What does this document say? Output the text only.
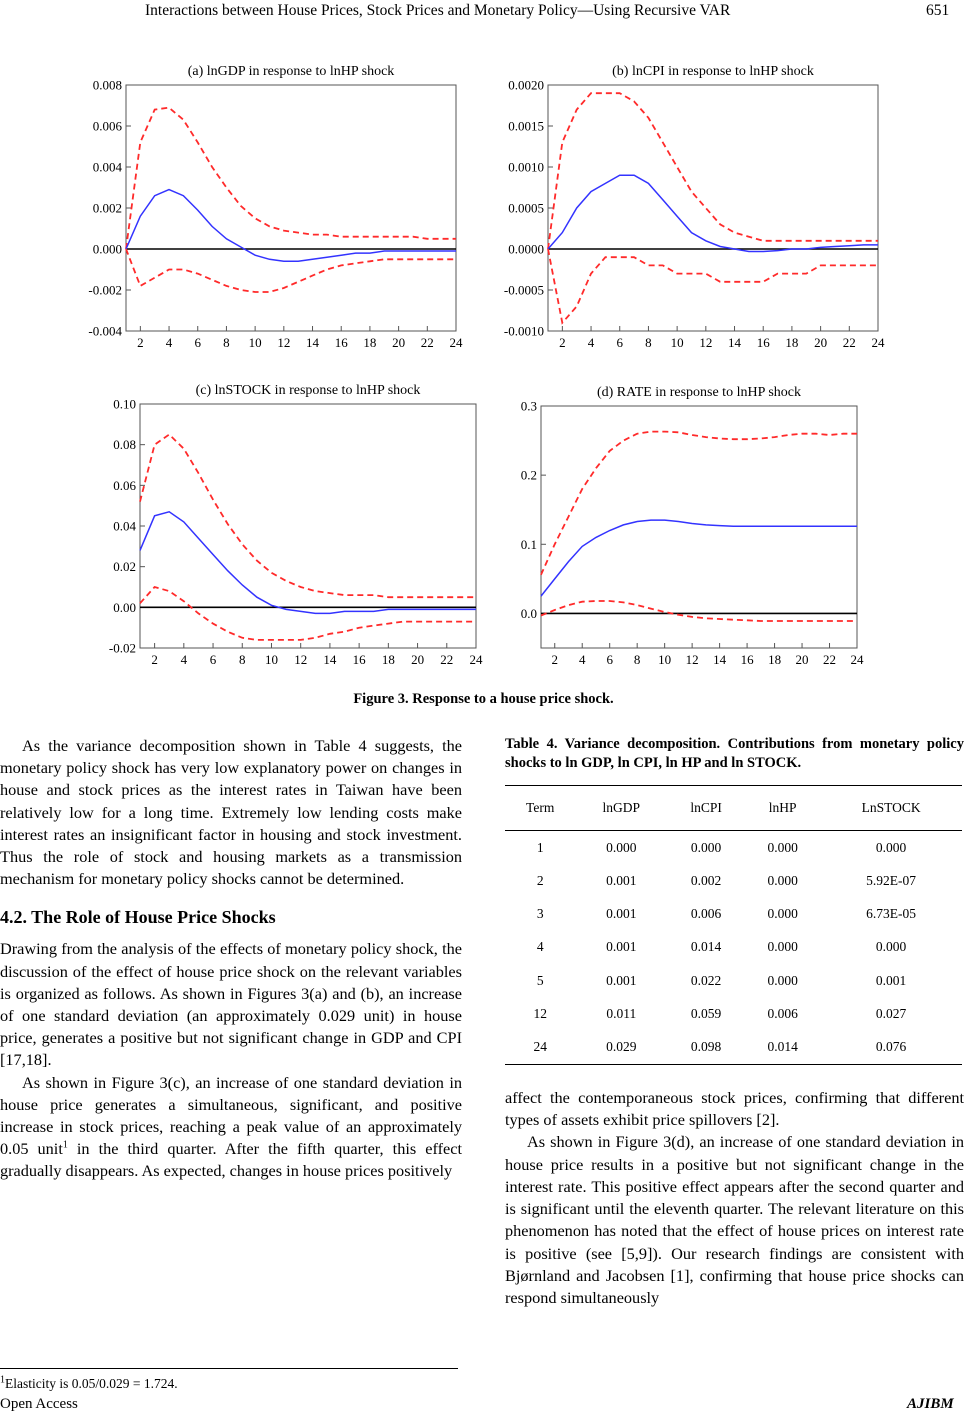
Interactions between House Prices, Stock Prices and Monetary Policy—Using Recursive VAR	651
(a) lnGDP in response to lnHP shock
0.008
0.006
0.004
0.002
0.000
-0.002
-0.004
2 4 6 8 10 12 14 16 18 20 22 24
(b) lnCPI in response to lnHP shock
0.0020
0.0015
0.0010
0.0005
0.0000
-0.0005
-0.0010
2 4 6 8 10 12 14 16 18 20 22 24
(c) lnSTOCK in response to lnHP shock
0.10
0.08
0.06
0.04
0.02
0.00
-0.02
2 4 6 8 10 12 14 16 18 20 22 24
(d) RATE in response to lnHP shock
0.3
0.2
0.1
0.0
2 4 6 8 10 12 14 16 18 20 22 24
Figure 3. Response to a house price shock.

As the variance decomposition shown in Table 4 suggests, the monetary policy shock has very low explanatory power on changes in house and stock prices as the interest rates in Taiwan have been relatively low for a long time. Extremely low lending costs make interest rates an insignificant factor in housing and stock investment. Thus the role of stock and housing markets as a transmission mechanism for monetary policy shocks cannot be determined.

4.2. The Role of House Price Shocks

Drawing from the analysis of the effects of monetary policy shock, the discussion of the effect of house price shock on the relevant variables is organized as follows. As shown in Figures 3(a) and (b), an increase of one standard deviation (an approximately 0.029 unit) in house price, generates a positive but not significant change in GDP and CPI [17,18].

As shown in Figure 3(c), an increase of one standard deviation in house price generates a simultaneous, significant, and positive increase in stock prices, reaching a peak value of an approximately 0.05 unit$^1$ in the third quarter. After the fifth quarter, this effect gradually disappears. As expected, changes in house prices positively

$^1$Elasticity is 0.05/0.029 = 1.724.
Table 4. Variance decomposition. Contributions from monetary policy shocks to ln GDP, ln CPI, ln HP and ln STOCK.
Term	lnGDP	lnCPI	lnHP	LnSTOCK
1	0.000	0.000	0.000	0.000
2	0.001	0.002	0.000	5.92E-07
3	0.001	0.006	0.000	6.73E-05
4	0.001	0.014	0.000	0.000
5	0.001	0.022	0.000	0.001
12	0.011	0.059	0.006	0.027
24	0.029	0.098	0.014	0.076

affect the contemporaneous stock prices, confirming that different types of assets exhibit price spillovers [2].

As shown in Figure 3(d), an increase of one standard deviation in house price results in a positive but not significant change in the interest rate. This positive effect appears after the second quarter and is significant until the eleventh quarter. The relevant literature on this phenomenon has noted that the effect of house prices on interest rate is positive (see [5,9]). Our research findings are consistent with Bjørnland and Jacobsen [1], confirming that house price shocks can respond simultaneously

Open Access	AJIBM
